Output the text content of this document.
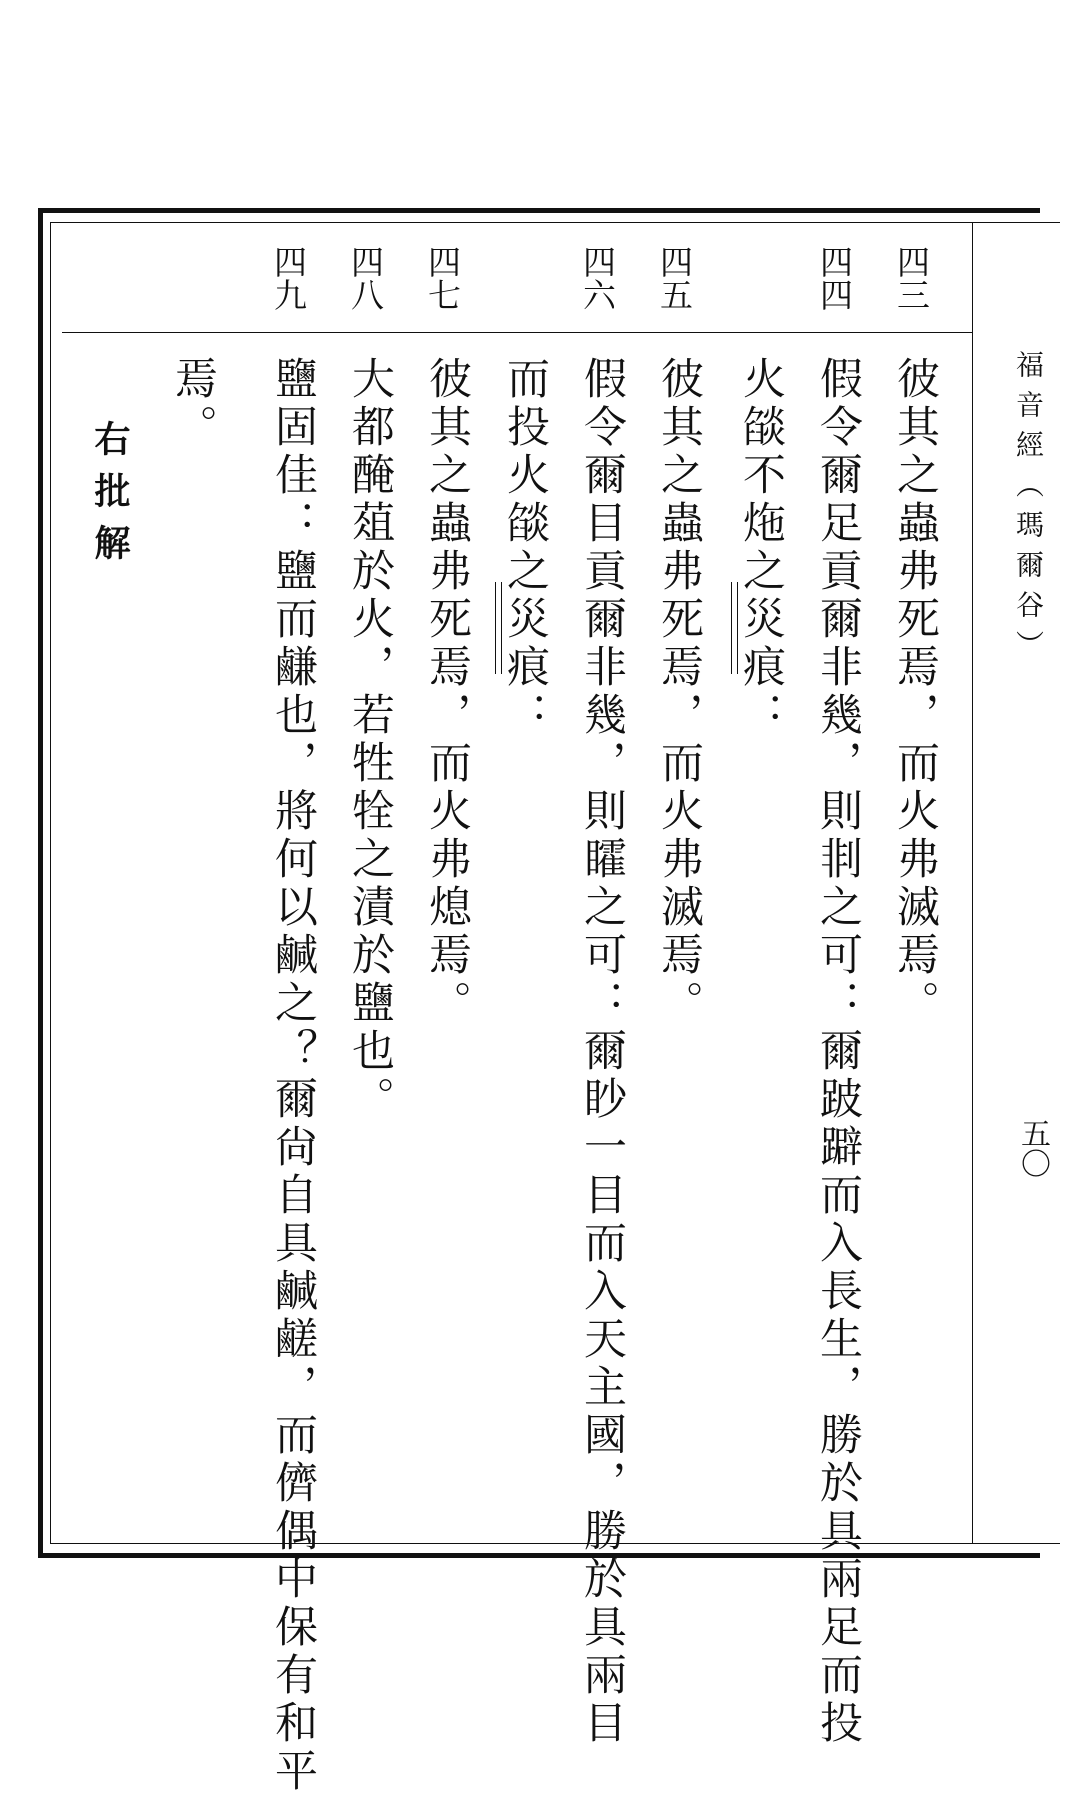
福音經（瑪爾谷）
五〇
四三
四四
四五
四六
四七
四八
四九
彼其之蟲弗死焉，而火弗滅焉。
假令爾足貢爾非幾，則剕之可：爾跛躃而入長生，勝於具兩足而投
火燄不炧之災痕：
彼其之蟲弗死焉，而火弗滅焉。
假令爾目貢爾非幾，則矐之可：爾眇一目而入天主國，勝於具兩目
而投火燄之災痕：
彼其之蟲弗死焉，而火弗熄焉。
大都醃葅於火，若牲牷之漬於鹽也。
鹽固佳：鹽而鹻也，將何以鹹之？爾尙自具鹹鹺，而儕偶中保有和平
焉。
右批解
